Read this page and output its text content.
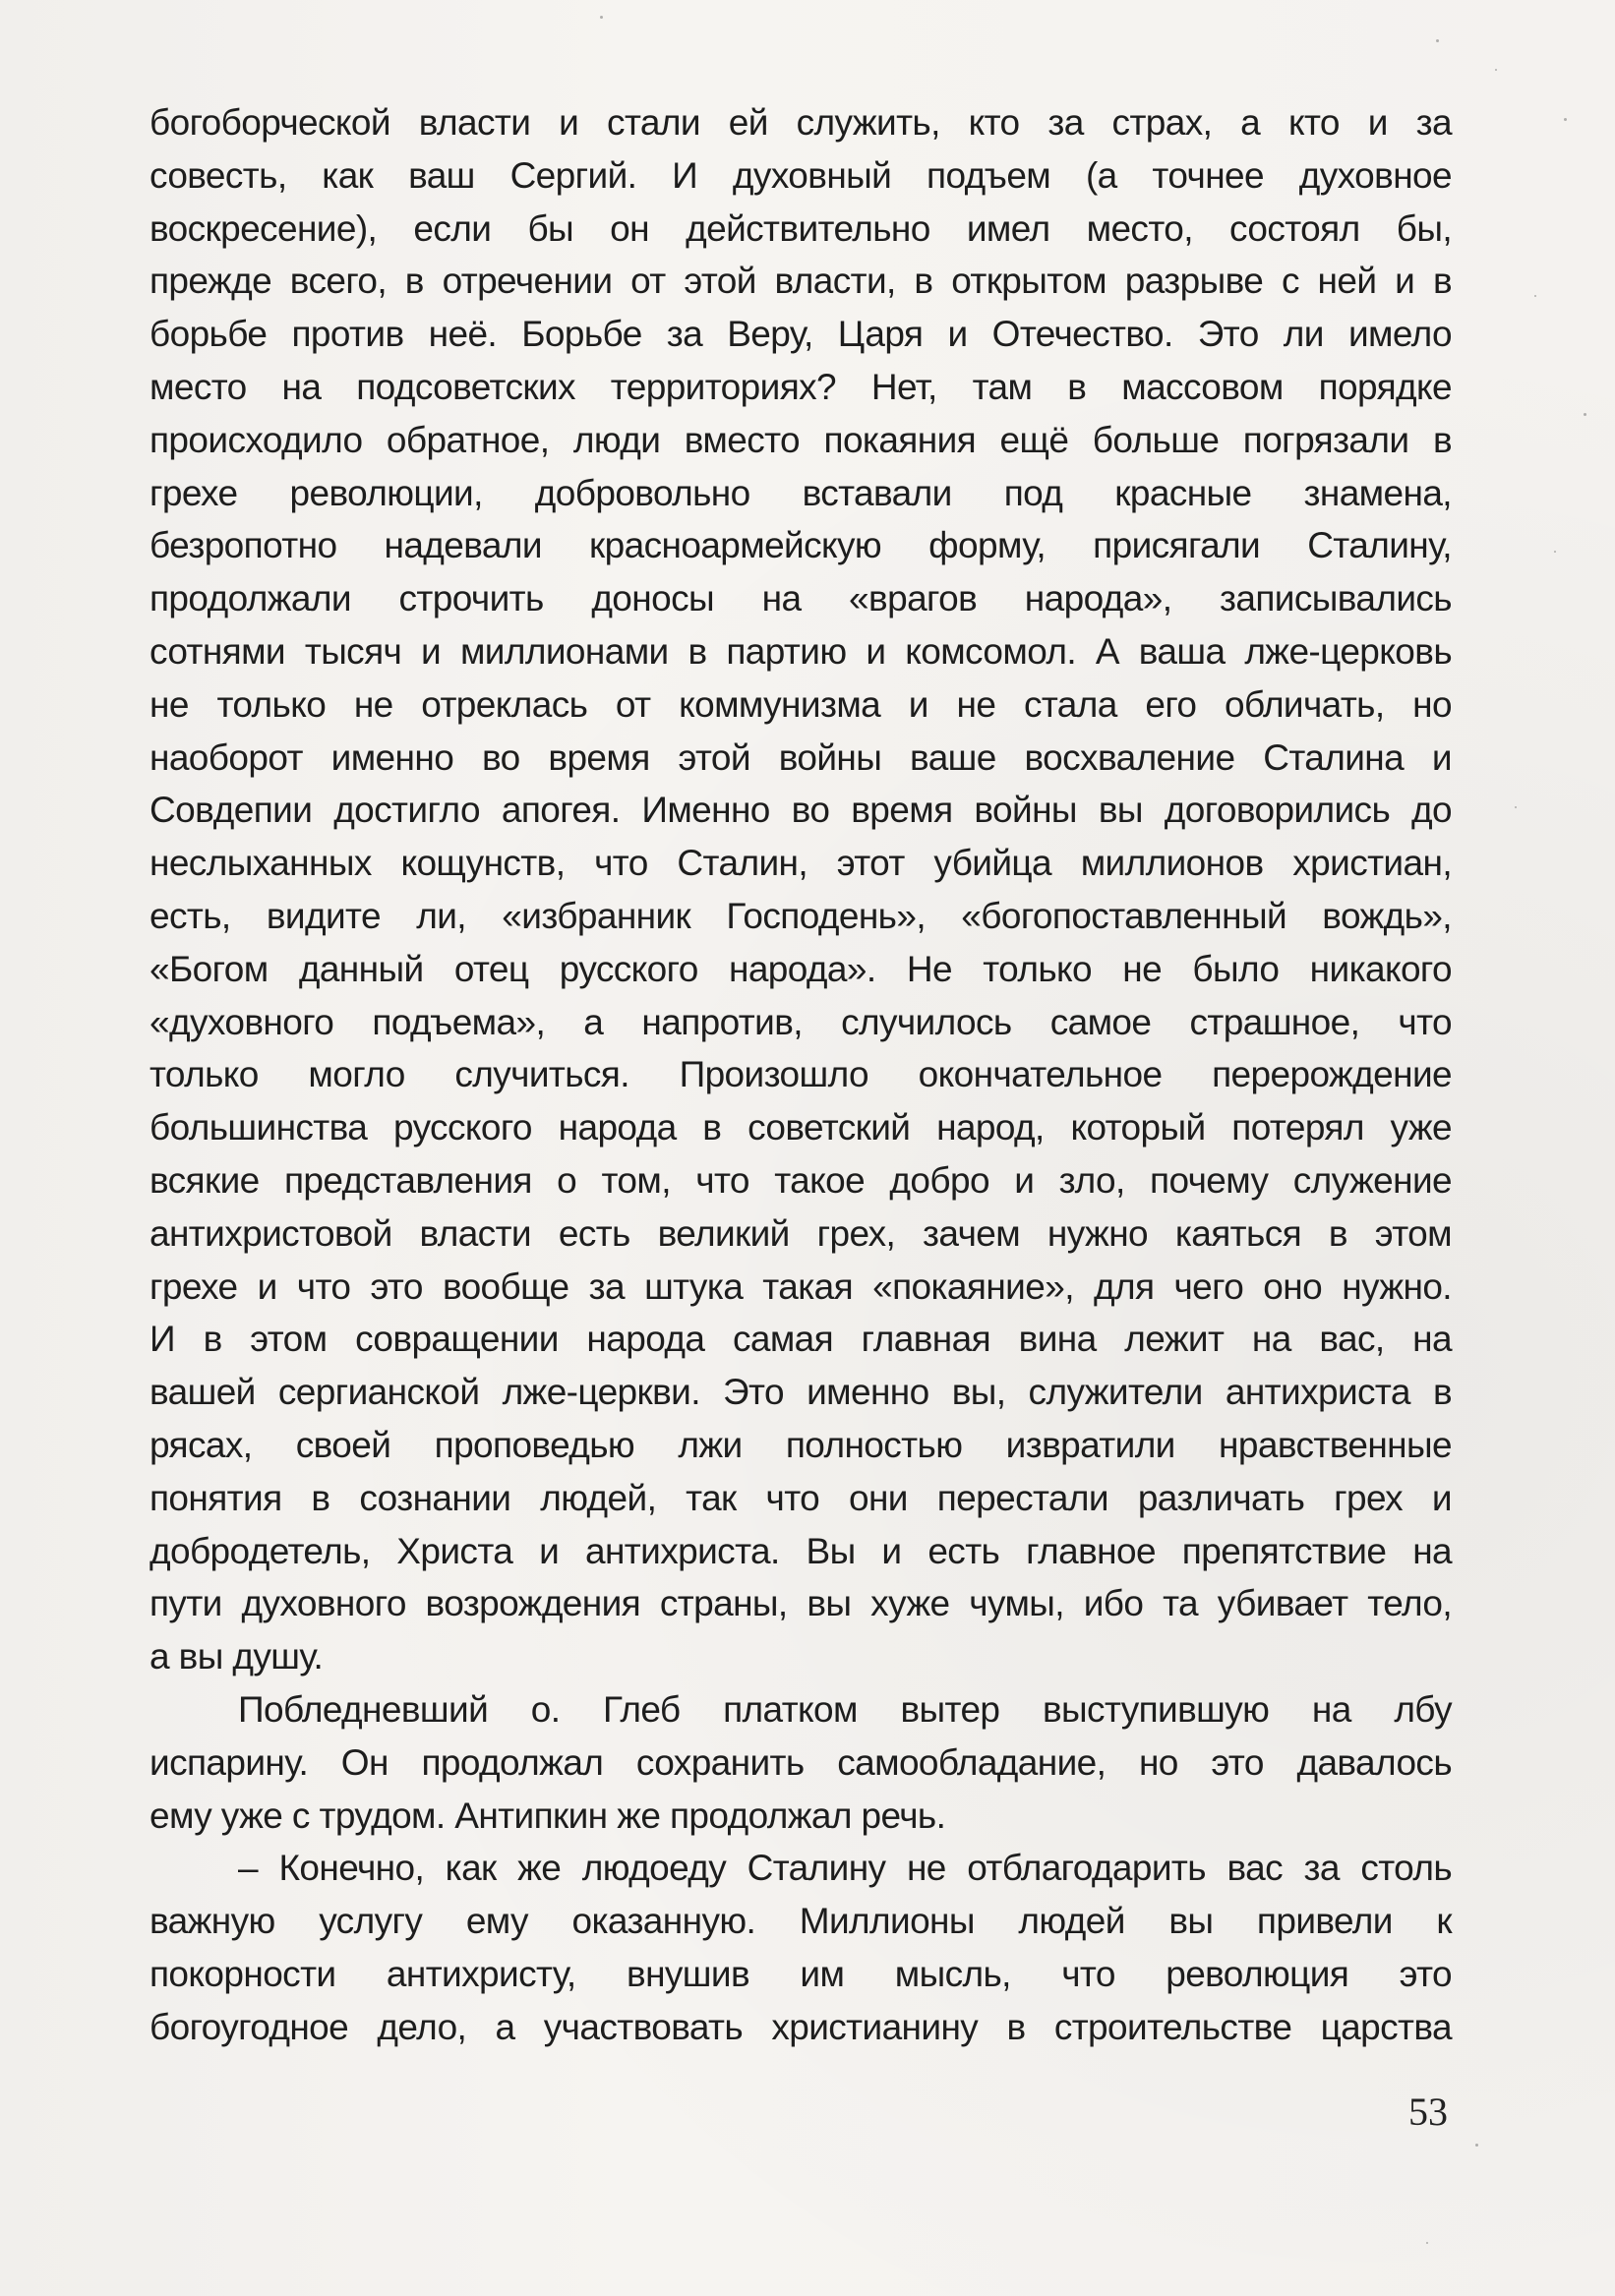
богоборческой власти и стали ей служить, кто за страх, а кто и за
совесть, как ваш Сергий. И духовный подъем (а точнее духовное
воскресение), если бы он действительно имел место, состоял бы,
прежде всего, в отречении от этой власти, в открытом разрыве с ней и в
борьбе против неё. Борьбе за Веру, Царя и Отечество. Это ли имело
место на подсоветских территориях? Нет, там в массовом порядке
происходило обратное, люди вместо покаяния ещё больше погрязали в
грехе революции, добровольно вставали под красные знамена,
безропотно надевали красноармейскую форму, присягали Сталину,
продолжали строчить доносы на «врагов народа», записывались
сотнями тысяч и миллионами в партию и комсомол. А ваша лже-церковь
не только не отреклась от коммунизма и не стала его обличать, но
наоборот именно во время этой войны ваше восхваление Сталина и
Совдепии достигло апогея. Именно во время войны вы договорились до
неслыханных кощунств, что Сталин, этот убийца миллионов христиан,
есть, видите ли, «избранник Господень», «богопоставленный вождь»,
«Богом данный отец русского народа». Не только не было никакого
«духовного подъема», а напротив, случилось самое страшное, что
только могло случиться. Произошло окончательное перерождение
большинства русского народа в советский народ, который потерял уже
всякие представления о том, что такое добро и зло, почему служение
антихристовой власти есть великий грех, зачем нужно каяться в этом
грехе и что это вообще за штука такая «покаяние», для чего оно нужно.
И в этом совращении народа самая главная вина лежит на вас, на
вашей сергианской лже-церкви. Это именно вы, служители антихриста в
рясах, своей проповедью лжи полностью извратили нравственные
понятия в сознании людей, так что они перестали различать грех и
добродетель, Христа и антихриста. Вы и есть главное препятствие на
пути духовного возрождения страны, вы хуже чумы, ибо та убивает тело,
а вы душу.
Побледневший о. Глеб платком вытер выступившую на лбу
испарину. Он продолжал сохранить самообладание, но это давалось
ему уже с трудом. Антипкин же продолжал речь.
– Конечно, как же людоеду Сталину не отблагодарить вас за столь
важную услугу ему оказанную. Миллионы людей вы привели к
покорности антихристу, внушив им мысль, что революция это
богоугодное дело, а участвовать христианину в строительстве царства
53
